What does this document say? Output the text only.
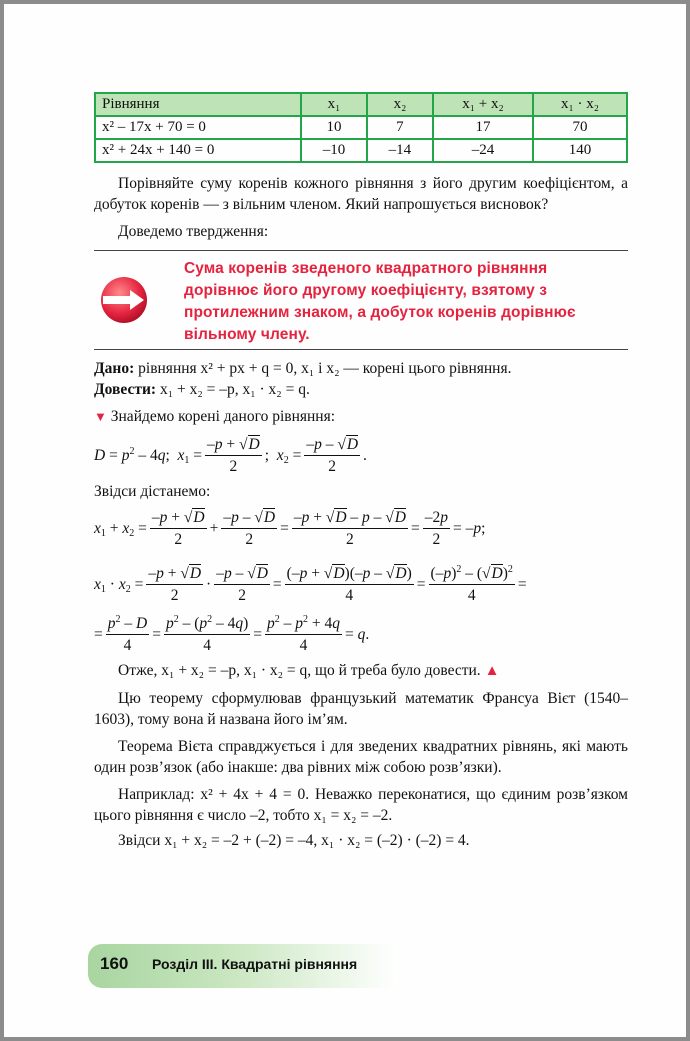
Рівняння	x₁	x₂	x₁ + x₂	x₁ · x₂
x² – 17x + 70 = 0	10	7	17	70
x² + 24x + 140 = 0	–10	–14	–24	140

Порівняйте суму коренів кожного рівняння з його другим коефіцієнтом, а добуток коренів — з вільним членом. Який напрошується висновок?

Доведемо твердження:

Сума коренів зведеного квадратного рівняння дорівнює його другому коефіцієнту, взятому з протилежним знаком, а добуток коренів дорівнює вільному члену.

Дано: рівняння x² + px + q = 0, x₁ і x₂ — корені цього рівняння.

Довести: x₁ + x₂ = –p, x₁ · x₂ = q.

▼ Знайдемо корені даного рівняння:

$D = p^2 - 4q$;  $x_1 = \frac{-p + √D}{2}$ ;  $x_2 = \frac{-p - √D}{2}$ .

Звідси дістанемо:

$x_1 + x_2 = \frac{-p + √D}{2} + \frac{-p - √D}{2} = \frac{-p + √D - p - √D}{2} = \frac{-2p}{2} = -p$;
$x_1 \cdot x_2 = \frac{-p + √D}{2} \cdot \frac{-p - √D}{2} = \frac{(-p + √D)(-p - √D)}{4} = \frac{(-p)^2 - (√D)^2}{4}$ =
= $\frac{p^2 - D}{4} = \frac{p^2 - (p^2 - 4q)}{4} = \frac{p^2 - p^2 + 4q}{4} = q$.

Отже, x₁ + x₂ = –p, x₁ · x₂ = q, що й треба було довести. ▲

Цю теорему сформулював французький математик Франсуа Вієт (1540–1603), тому вона й названа його ім’ям.

Теорема Вієта справджується і для зведених квадратних рівнянь, які мають один розв’язок (або інакше: два рівних між собою розв’язки).

Наприклад: x² + 4x + 4 = 0. Неважко переконатися, що єдиним розв’язком цього рівняння є число –2, тобто x₁ = x₂ = –2.

Звідси x₁ + x₂ = –2 + (–2) = –4, x₁ · x₂ = (–2) · (–2) = 4.

160 Розділ III. Квадратні рівняння
